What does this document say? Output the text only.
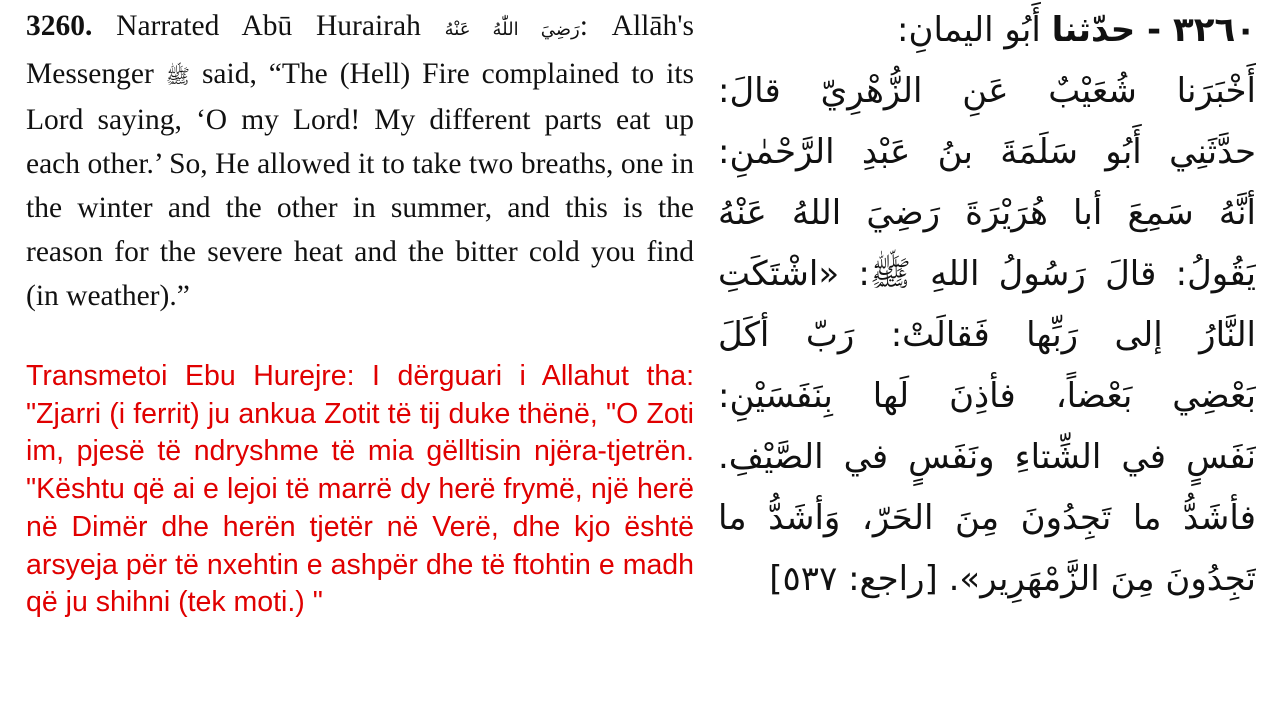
3260. Narrated Abū Hurairah رَضِيَ اللّٰهُ عَنْهُ: Allāh's Messenger ﷺ said, “The (Hell) Fire complained to its Lord saying, ‘O my Lord! My different parts eat up each other.’ So, He allowed it to take two breaths, one in the winter and the other in summer, and this is the reason for the severe heat and the bitter cold you find (in weather).”

Transmetoi Ebu Hurejre: I dërguari i Allahut tha: "Zjarri (i ferrit) ju ankua Zotit të tij duke thënë, "O Zoti im, pjesë të ndryshme të mia gëlltisin njëra-tjetrën. "Kështu që ai e lejoi të marrë dy herë frymë, një herë në Dimër dhe herën tjetër në Verë, dhe kjo është arsyeja për të nxehtin e ashpër dhe të ftohtin e madh që ju shihni (tek moti.) "

٣٢٦٠ - حدّثنا أَبُو اليمانِ:
أَخْبَرَنا شُعَيْبٌ عَنِ الزُّهْرِيّ قالَ:
حدَّثَنِي أَبُو سَلَمَةَ بنُ عَبْدِ الرَّحْمٰنِ:
أنَّهُ سَمِعَ أبا هُرَيْرَةَ رَضِيَ اللهُ عَنْهُ
يَقُولُ: قالَ رَسُولُ اللهِ ﷺ: «اشْتَكَتِ
النَّارُ إلى رَبِّها فَقالَتْ: رَبّ أكَلَ
بَعْضِي بَعْضاً، فأذِنَ لَها بِنَفَسَيْنِ:
نَفَسٍ في الشِّتاءِ ونَفَسٍ في الصَّيْفِ.
فأشَدُّ ما تَجِدُونَ مِنَ الحَرّ، وَأشَدُّ ما
تَجِدُونَ مِنَ الزَّمْهَرِير». [راجع: ٥٣٧]
